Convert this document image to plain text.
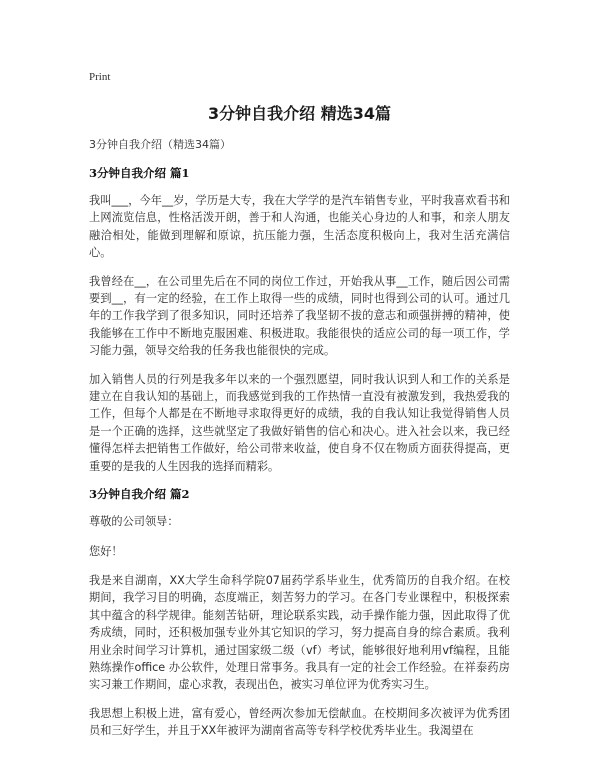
Print
3分钟自我介绍 精选34篇
3分钟自我介绍（精选34篇）
3分钟自我介绍 篇1

我叫___，今年__岁，学历是大专，我在大学学的是汽车销售专业，平时我喜欢看书和上网流览信息，性格活泼开朗，善于和人沟通，也能关心身边的人和事，和亲人朋友融洽相处，能做到理解和原谅，抗压能力强，生活态度积极向上，我对生活充满信心。

我曾经在__，在公司里先后在不同的岗位工作过，开始我从事__工作，随后因公司需要到__，有一定的经验，在工作上取得一些的成绩，同时也得到公司的认可。通过几年的工作我学到了很多知识，同时还培养了我坚韧不拔的意志和顽强拼搏的精神，使我能够在工作中不断地克服困难、积极进取。我能很快的适应公司的每一项工作，学习能力强，领导交给我的任务我也能很快的完成。

加入销售人员的行列是我多年以来的一个强烈愿望，同时我认识到人和工作的关系是建立在自我认知的基础上，而我感觉到我的工作热情一直没有被激发到，我热爱我的工作，但每个人都是在不断地寻求取得更好的成绩，我的自我认知让我觉得销售人员是一个正确的选择，这些就坚定了我做好销售的信心和决心。进入社会以来，我已经懂得怎样去把销售工作做好，给公司带来收益，使自身不仅在物质方面获得提高，更重要的是我的人生因我的选择而精彩。

3分钟自我介绍 篇2

尊敬的公司领导：

您好！

我是来自湖南，XX大学生命科学院07届药学系毕业生，优秀简历的自我介绍。在校期间，我学习目的明确，态度端正，刻苦努力的学习。在各门专业课程中，积极探索其中蕴含的科学规律。能刻苦钻研，理论联系实践，动手操作能力强，因此取得了优秀成绩，同时，还积极加强专业外其它知识的学习，努力提高自身的综合素质。我利用业余时间学习计算机，通过国家级二级（vf）考试，能够很好地利用vf编程，且能熟练操作office 办公软件，处理日常事务。我具有一定的社会工作经验。在祥泰药房实习兼工作期间，虚心求教，表现出色，被实习单位评为优秀实习生。

我思想上积极上进，富有爱心，曾经两次参加无偿献血。在校期间多次被评为优秀团员和三好学生，并且于XX年被评为湖南省高等专科学校优秀毕业生。我渴望在
